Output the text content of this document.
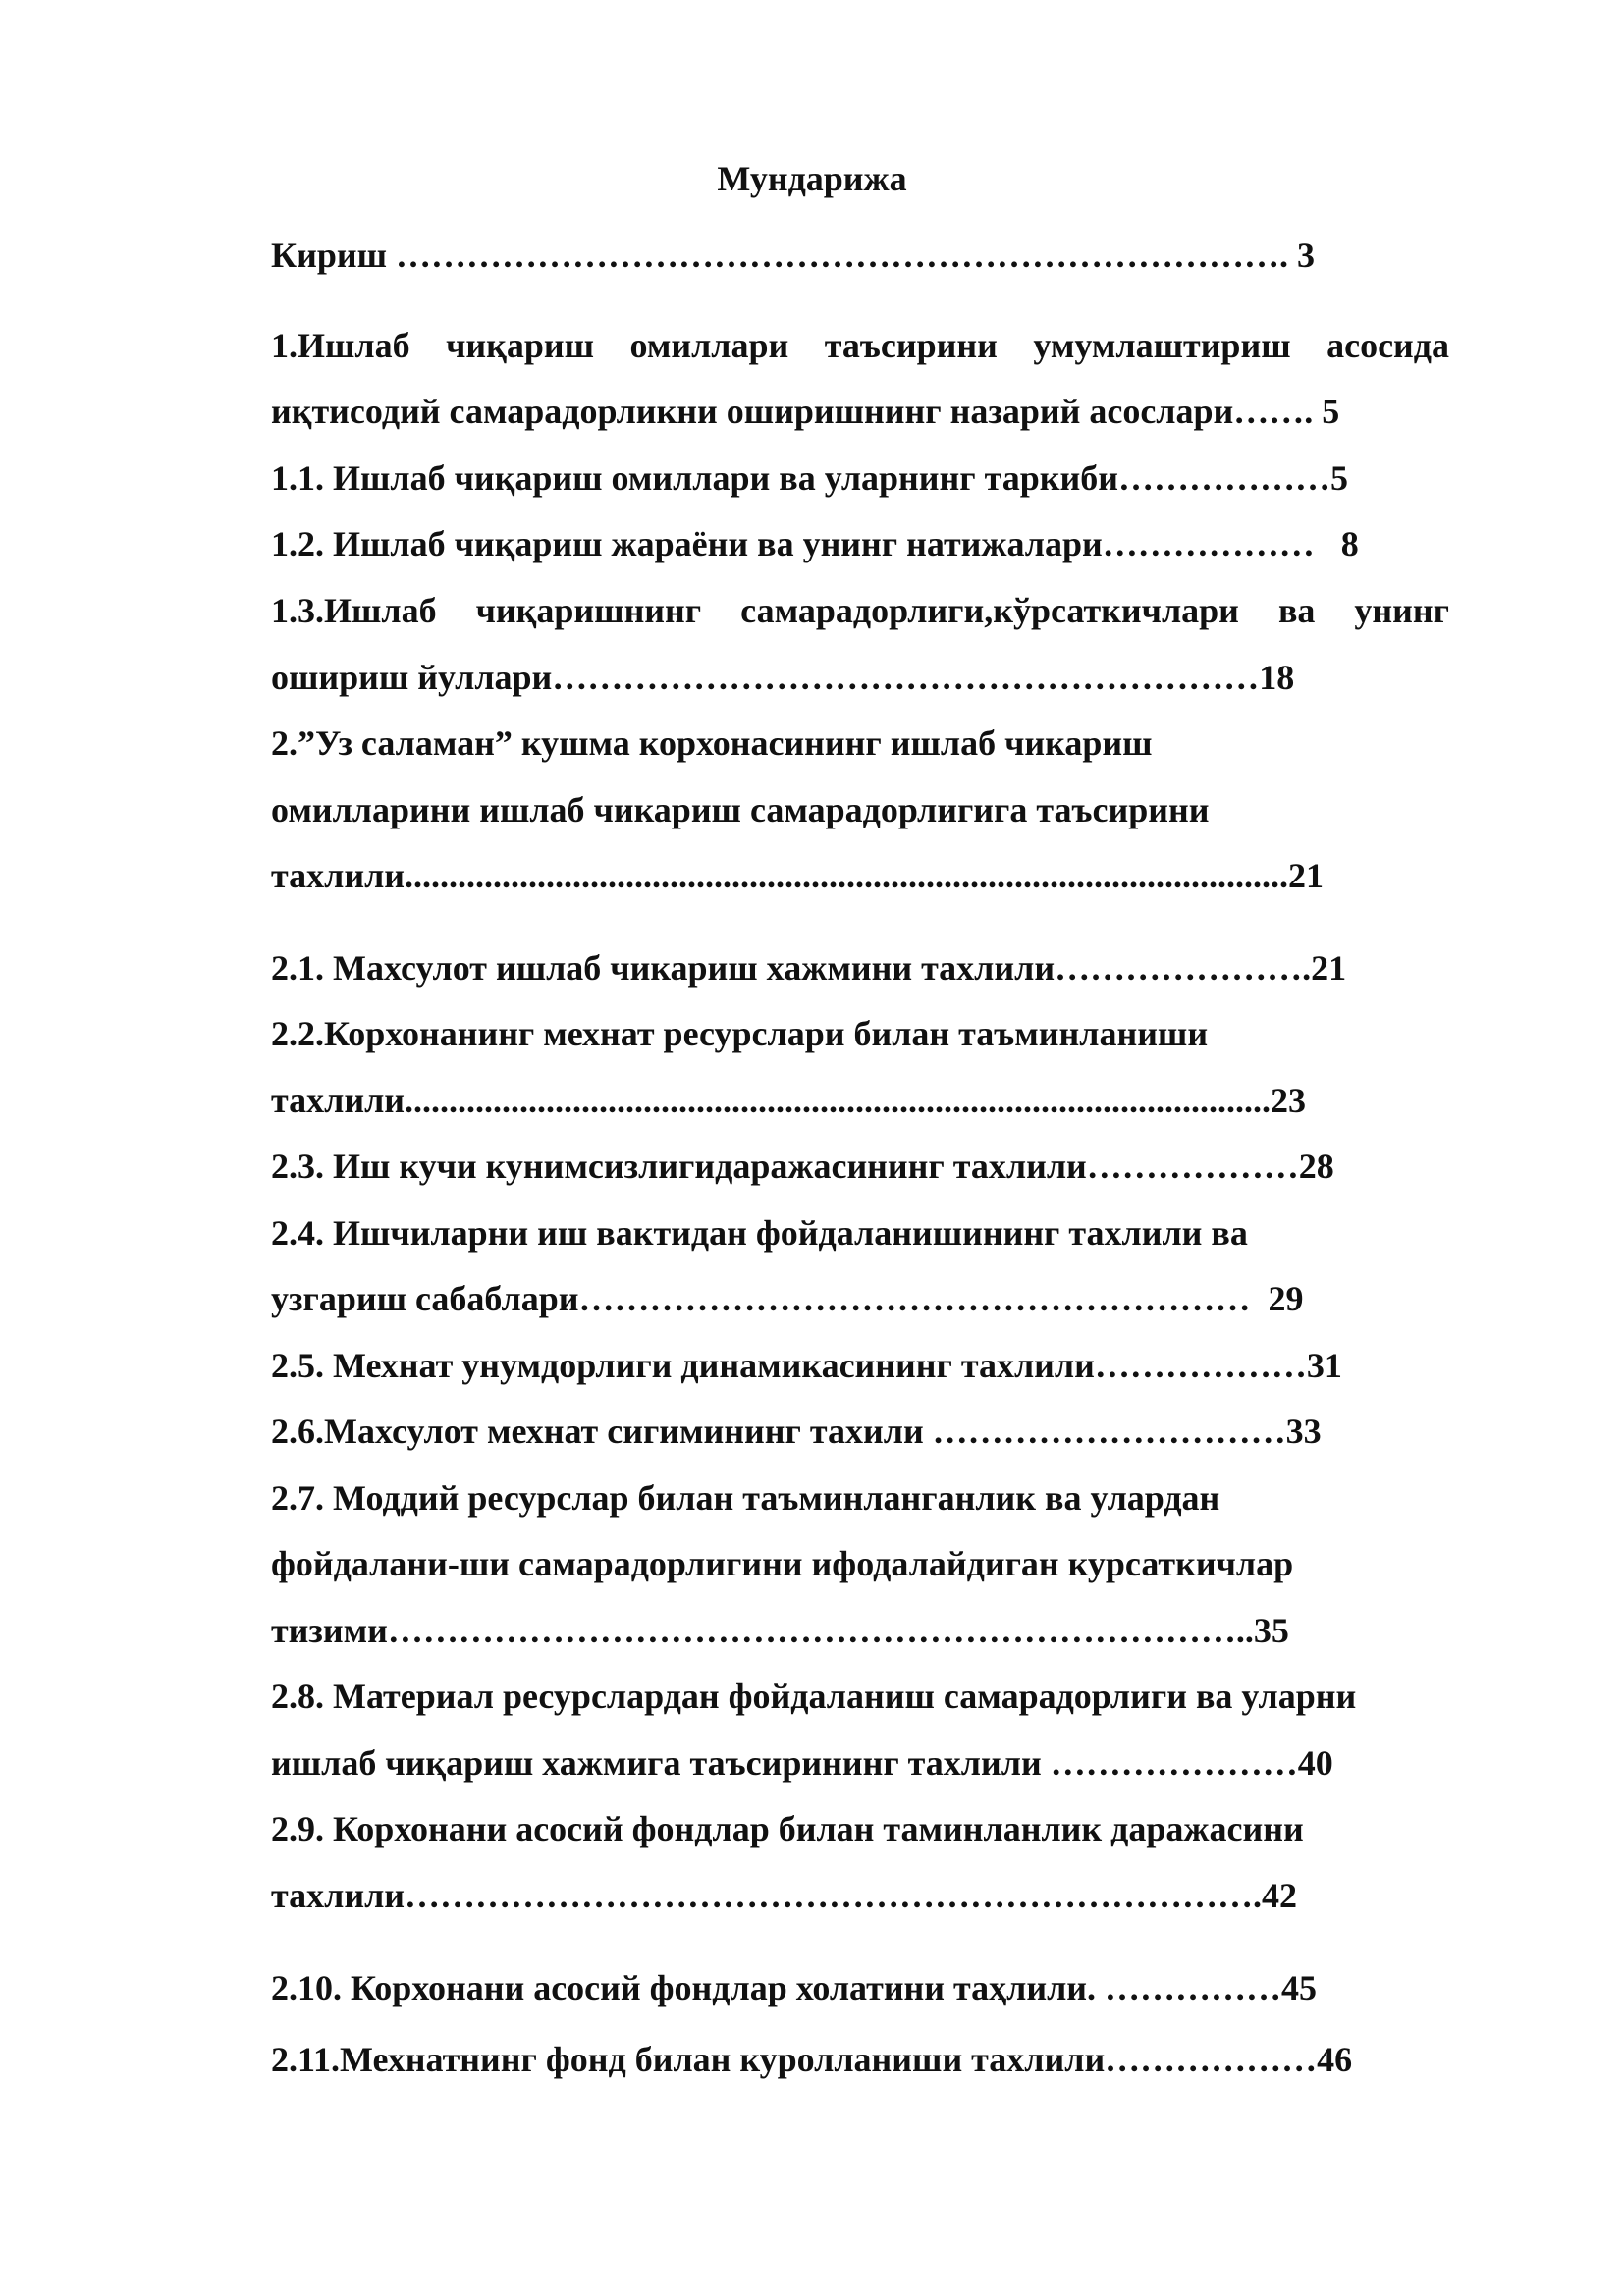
Мундарижа
Кириш …………………………………………………………………. 3
1.Ишлаб чиқариш омиллари таъсирини умумлаштириш асосида
иқтисодий самарадорликни оширишнинг назарий асослари……. 5
1.1. Ишлаб чиқариш омиллари ва уларнинг таркиби………………5
1.2. Ишлаб чиқариш жараёни ва унинг натижалари………………   8
1.3.Ишлаб чиқаришнинг самарадорлиги,кўрсаткичлари ва унинг
ошириш йуллари……………………………………………………18
2.”Уз саламан” кушма корхонасининг ишлаб чикариш
омилларини ишлаб чикариш самарадорлигига таъсирини
тахлили....................................................................................................21
2.1. Махсулот ишлаб чикариш хажмини тахлили………………….21
2.2.Корхонанинг мехнат ресурслари билан таъминланиши
тахлили..................................................................................................23
2.3. Иш кучи кунимсизлигидаражасининг тахлили………………28
2.4. Ишчиларни иш вактидан фойдаланишининг тахлили ва
узгариш сабаблари…………………………………………………  29
2.5. Мехнат унумдорлиги динамикасининг тахлили………………31
2.6.Махсулот мехнат сигимининг тахили …………………………33
2.7. Моддий ресурслар билан таъминланганлик ва улардан
фойдалани-ши самарадорлигини ифодалайдиган курсаткичлар
тизими………………………………………………………………..35
2.8. Материал ресурслардан фойдаланиш самарадорлиги ва уларни
ишлаб чиқариш хажмига таъсирининг тахлили …………………40
2.9. Корхонани асосий фондлар билан таминланлик даражасини
тахлили……………………………………………………………….42
2.10. Корхонани асосий фондлар холатини таҳлили. ……………45
2.11.Мехнатнинг фонд билан куролланиши тахлили………………46
